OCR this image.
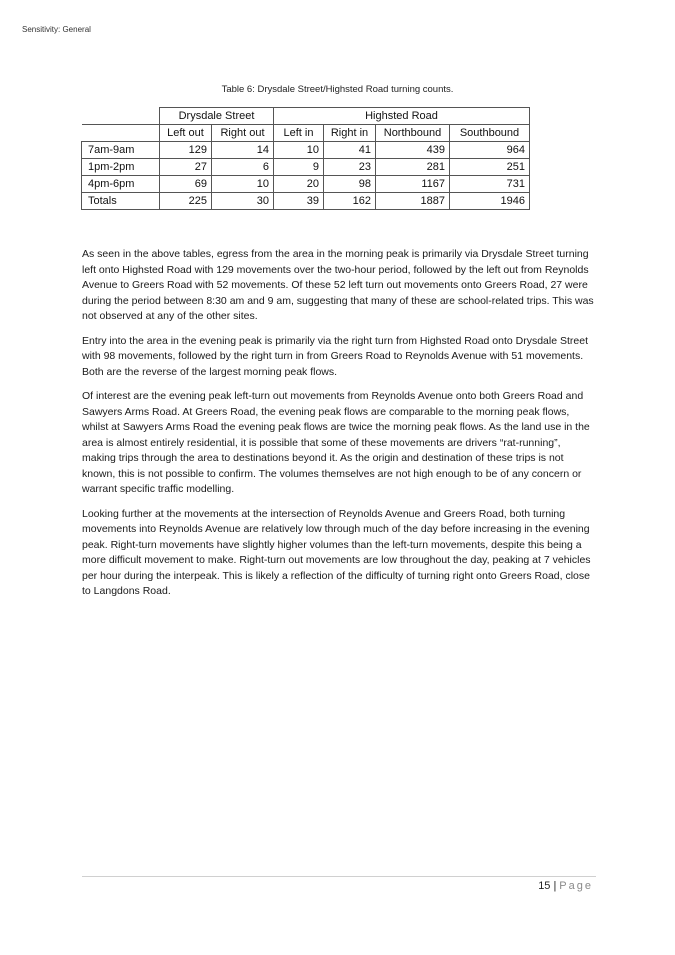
Sensitivity: General
Table 6: Drysdale Street/Highsted Road turning counts.
	Drysdale Street		Highsted Road			
	Left out	Right out	Left in	Right in	Northbound	Southbound
7am-9am	129	14	10	41	439	964
1pm-2pm	27	6	9	23	281	251
4pm-6pm	69	10	20	98	1167	731
Totals	225	30	39	162	1887	1946

As seen in the above tables, egress from the area in the morning peak is primarily via Drysdale Street turning left onto Highsted Road with 129 movements over the two-hour period, followed by the left out from Reynolds Avenue to Greers Road with 52 movements. Of these 52 left turn out movements onto Greers Road, 27 were during the period between 8:30 am and 9 am, suggesting that many of these are school-related trips. This was not observed at any of the other sites.

Entry into the area in the evening peak is primarily via the right turn from Highsted Road onto Drysdale Street with 98 movements, followed by the right turn in from Greers Road to Reynolds Avenue with 51 movements. Both are the reverse of the largest morning peak flows.

Of interest are the evening peak left-turn out movements from Reynolds Avenue onto both Greers Road and Sawyers Arms Road. At Greers Road, the evening peak flows are comparable to the morning peak flows, whilst at Sawyers Arms Road the evening peak flows are twice the morning peak flows. As the land use in the area is almost entirely residential, it is possible that some of these movements are drivers “rat-running”, making trips through the area to destinations beyond it. As the origin and destination of these trips is not known, this is not possible to confirm. The volumes themselves are not high enough to be of any concern or warrant specific traffic modelling.

Looking further at the movements at the intersection of Reynolds Avenue and Greers Road, both turning movements into Reynolds Avenue are relatively low through much of the day before increasing in the evening peak. Right-turn movements have slightly higher volumes than the left-turn movements, despite this being a more difficult movement to make. Right-turn out movements are low throughout the day, peaking at 7 vehicles per hour during the interpeak. This is likely a reflection of the difficulty of turning right onto Greers Road, close to Langdons Road.

15 | Page
